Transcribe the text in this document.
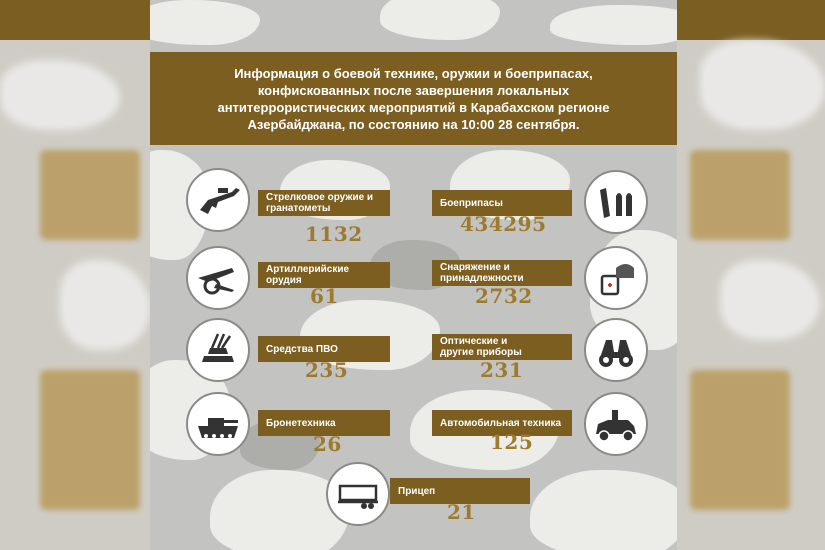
Информация о боевой технике, оружии и боеприпасах,
конфискованных после завершения локальных
антитеррористических мероприятий в Карабахском регионе
Азербайджана, по состоянию на 10:00 28 сентября.
Стрелковое оружие и
гранатометы
1132
Боеприпасы
434295
Артиллерийские орудия
61
Снаряжение и
принадлежности
2732
Средства ПВО
235
Оптические и
другие приборы
231
Бронетехника
26
Автомобильная техника
125
Прицеп
21
